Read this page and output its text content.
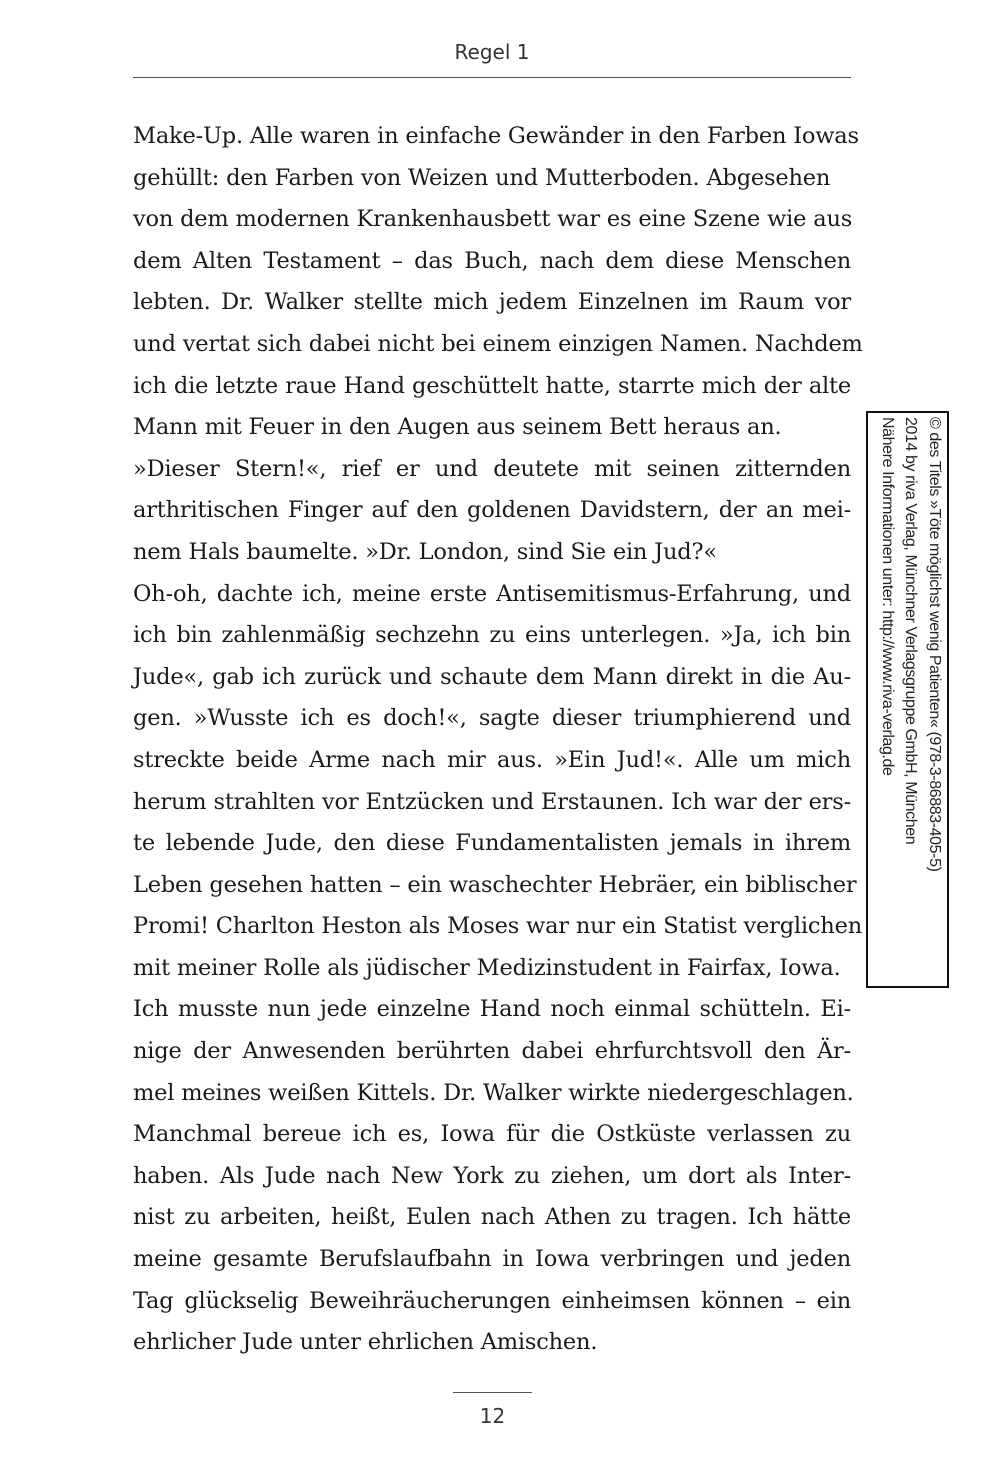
Regel 1
Make-Up. Alle waren in einfache Gewänder in den Farben Iowas
gehüllt: den Farben von Weizen und Mutterboden. Abgesehen
von dem modernen Krankenhausbett war es eine Szene wie aus
dem Alten Testament – das Buch, nach dem diese Menschen
lebten. Dr. Walker stellte mich jedem Einzelnen im Raum vor
und vertat sich dabei nicht bei einem einzigen Namen. Nachdem
ich die letzte raue Hand geschüttelt hatte, starrte mich der alte
Mann mit Feuer in den Augen aus seinem Bett heraus an.
»Dieser Stern!«, rief er und deutete mit seinen zitternden
arthritischen Finger auf den goldenen Davidstern, der an mei-
nem Hals baumelte. »Dr. London, sind Sie ein Jud?«
Oh-oh, dachte ich, meine erste Antisemitismus-Erfahrung, und
ich bin zahlenmäßig sechzehn zu eins unterlegen. »Ja, ich bin
Jude«, gab ich zurück und schaute dem Mann direkt in die Au-
gen. »Wusste ich es doch!«, sagte dieser triumphierend und
streckte beide Arme nach mir aus. »Ein Jud!«. Alle um mich
herum strahlten vor Entzücken und Erstaunen. Ich war der ers-
te lebende Jude, den diese Fundamentalisten jemals in ihrem
Leben gesehen hatten – ein waschechter Hebräer, ein biblischer
Promi! Charlton Heston als Moses war nur ein Statist verglichen
mit meiner Rolle als jüdischer Medizinstudent in Fairfax, Iowa.
Ich musste nun jede einzelne Hand noch einmal schütteln. Ei-
nige der Anwesenden berührten dabei ehrfurchtsvoll den Är-
mel meines weißen Kittels. Dr. Walker wirkte niedergeschlagen.
Manchmal bereue ich es, Iowa für die Ostküste verlassen zu
haben. Als Jude nach New York zu ziehen, um dort als Inter-
nist zu arbeiten, heißt, Eulen nach Athen zu tragen. Ich hätte
meine gesamte Berufslaufbahn in Iowa verbringen und jeden
Tag glückselig Beweihräucherungen einheimsen können – ein
ehrlicher Jude unter ehrlichen Amischen.
© des Titels »Töte möglichst wenig Patienten« (978-3-86883-405-5)
2014 by riva Verlag, Münchner Verlagsgruppe GmbH, München
Nähere Informationen unter: http://www.riva-verlag.de
12
